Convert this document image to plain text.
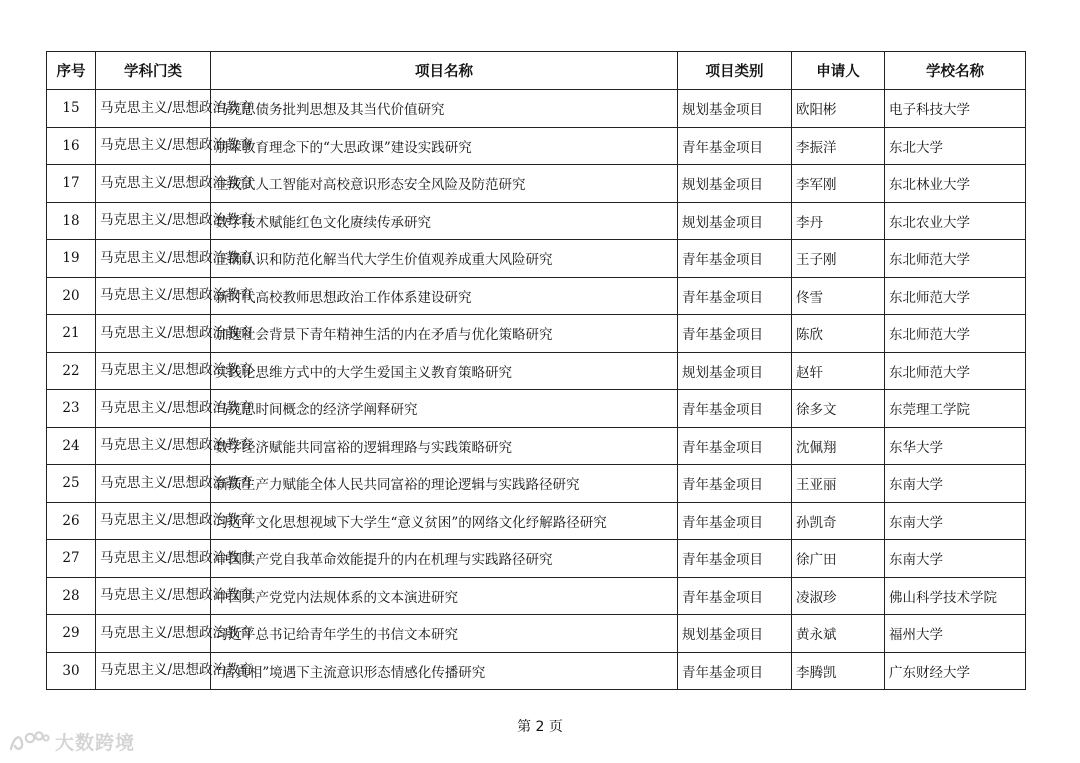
序号	学科门类	项目名称	项目类别	申请人	学校名称
15	马克思主义/思想政治教育	马克思债务批判思想及其当代价值研究	规划基金项目	欧阳彬	电子科技大学
16	马克思主义/思想政治教育	朋辈教育理念下的“大思政课”建设实践研究	青年基金项目	李振洋	东北大学
17	马克思主义/思想政治教育	生成式人工智能对高校意识形态安全风险及防范研究	规划基金项目	李军刚	东北林业大学
18	马克思主义/思想政治教育	数字技术赋能红色文化赓续传承研究	规划基金项目	李丹	东北农业大学
19	马克思主义/思想政治教育	正确认识和防范化解当代大学生价值观养成重大风险研究	青年基金项目	王子刚	东北师范大学
20	马克思主义/思想政治教育	新时代高校教师思想政治工作体系建设研究	青年基金项目	佟雪	东北师范大学
21	马克思主义/思想政治教育	加速社会背景下青年精神生活的内在矛盾与优化策略研究	青年基金项目	陈欣	东北师范大学
22	马克思主义/思想政治教育	实践论思维方式中的大学生爱国主义教育策略研究	规划基金项目	赵轩	东北师范大学
23	马克思主义/思想政治教育	马克思时间概念的经济学阐释研究	青年基金项目	徐多文	东莞理工学院
24	马克思主义/思想政治教育	数字经济赋能共同富裕的逻辑理路与实践策略研究	青年基金项目	沈佩翔	东华大学
25	马克思主义/思想政治教育	新质生产力赋能全体人民共同富裕的理论逻辑与实践路径研究	青年基金项目	王亚丽	东南大学
26	马克思主义/思想政治教育	习近平文化思想视域下大学生“意义贫困”的网络文化纾解路径研究	青年基金项目	孙凯奇	东南大学
27	马克思主义/思想政治教育	中国共产党自我革命效能提升的内在机理与实践路径研究	青年基金项目	徐广田	东南大学
28	马克思主义/思想政治教育	中国共产党党内法规体系的文本演进研究	青年基金项目	凌淑珍	佛山科学技术学院
29	马克思主义/思想政治教育	习近平总书记给青年学生的书信文本研究	规划基金项目	黄永斌	福州大学
30	马克思主义/思想政治教育	“后真相”境遇下主流意识形态情感化传播研究	青年基金项目	李腾凯	广东财经大学
第 2 页
大数跨境
